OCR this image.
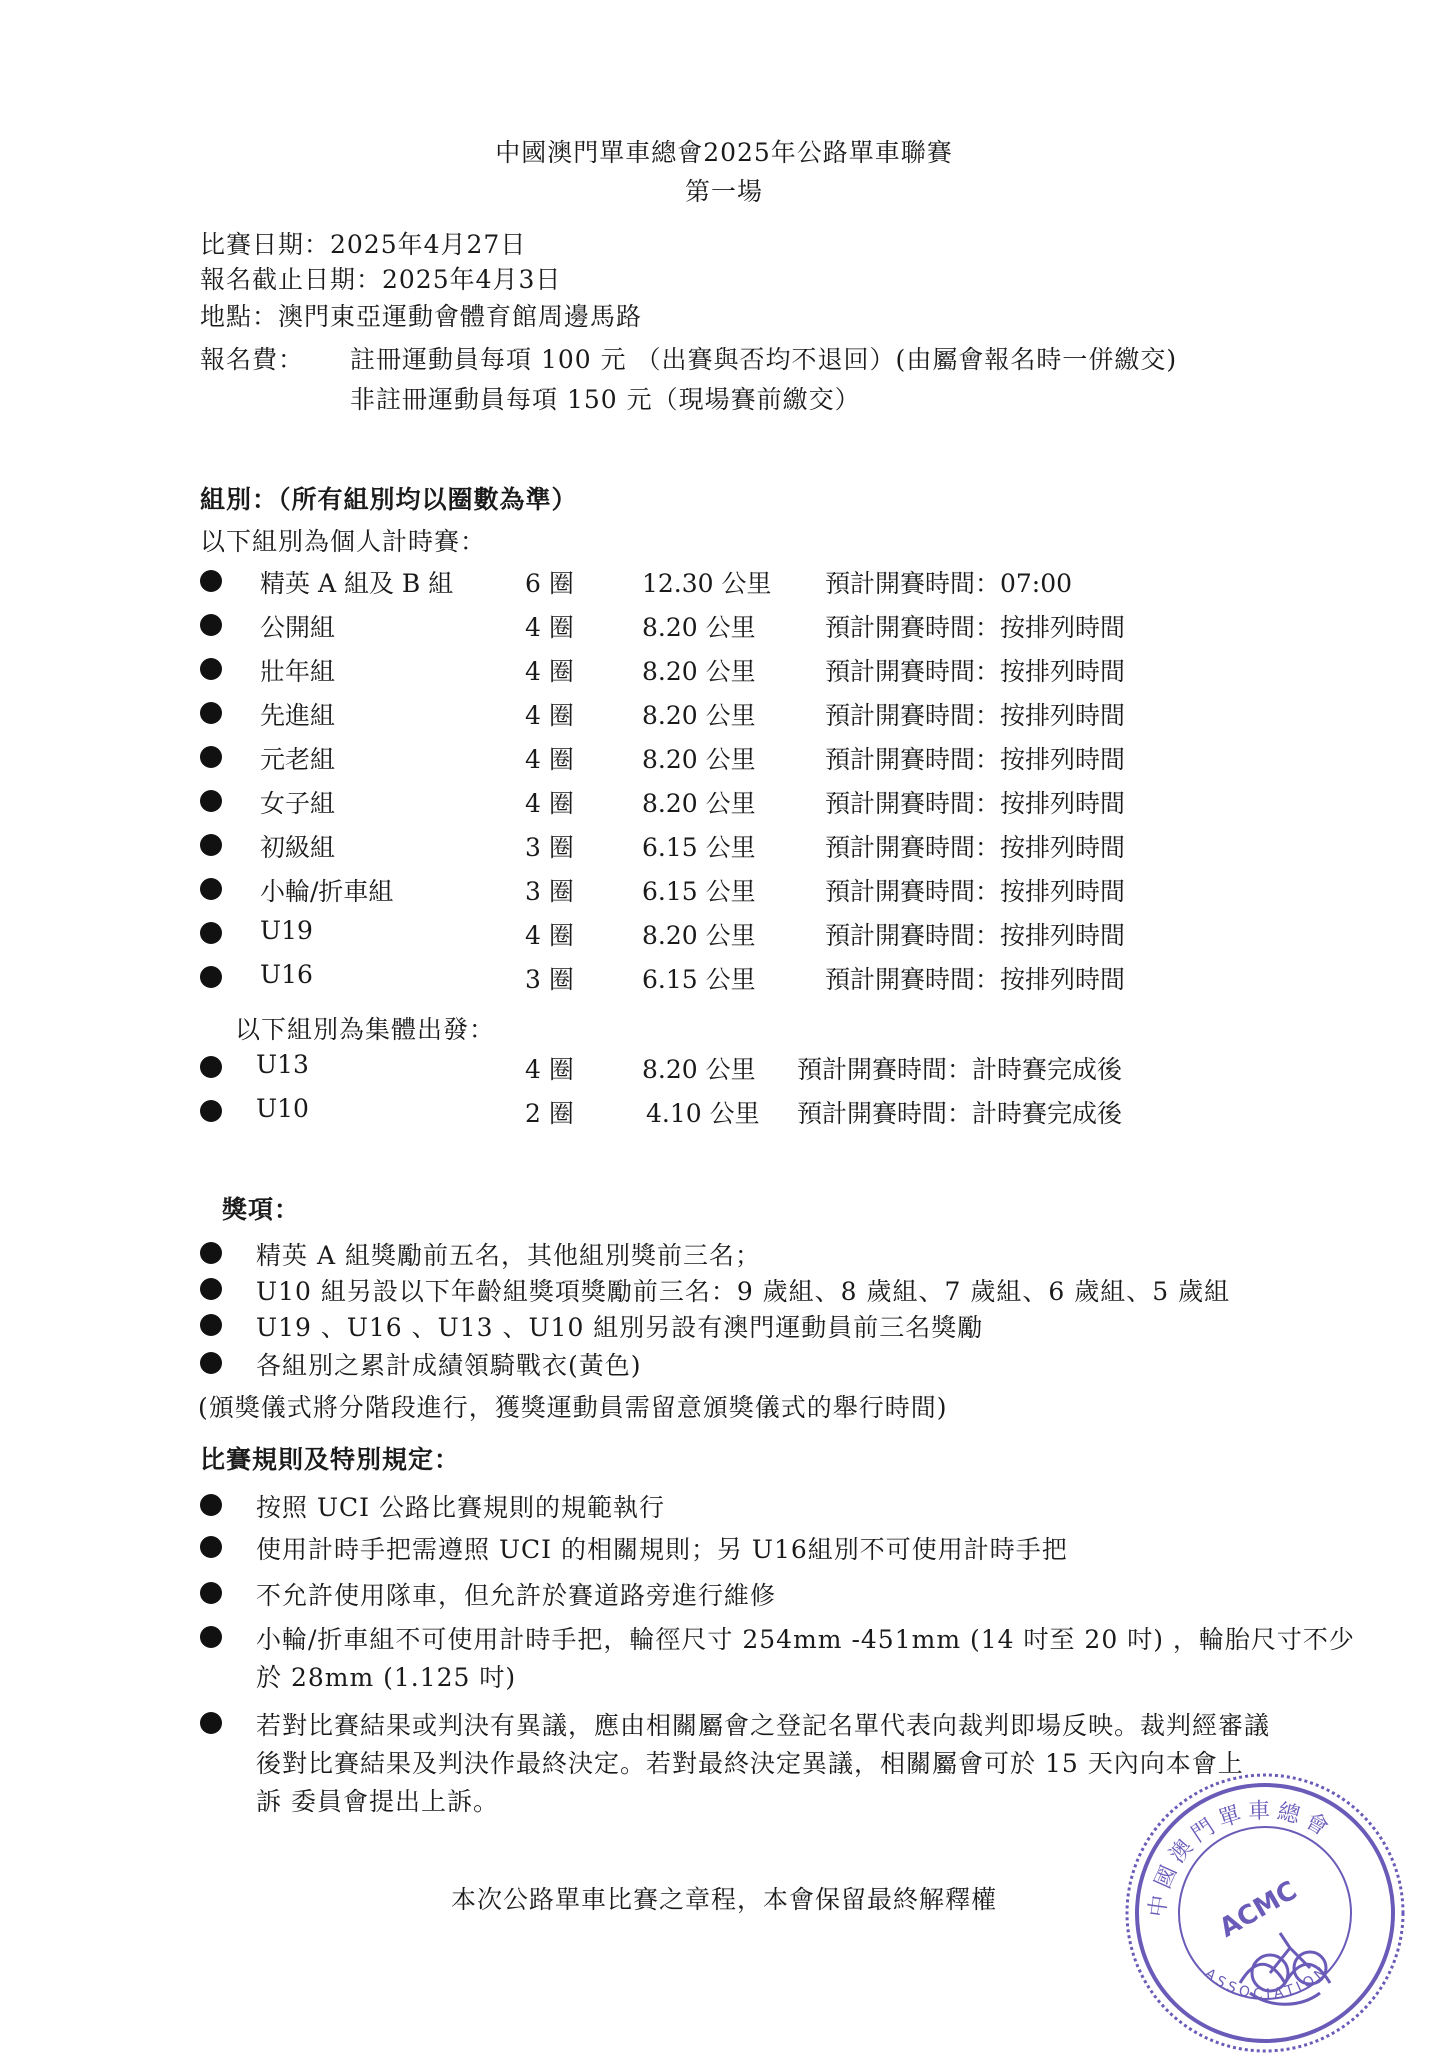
中國澳門單車總會2025年公路單車聯賽
第一場
比賽日期：2025年4月27日
報名截止日期：2025年4月3日
地點：澳門東亞運動會體育館周邊馬路
報名費： 註冊運動員每項 100 元 （出賽與否均不退回）(由屬會報名時一併繳交)
非註冊運動員每項 150 元（現場賽前繳交）
組別：（所有組別均以圈數為準）
以下組別為個人計時賽：
精英 A 組及 B 組	6 圈	12.30 公里 預計開賽時間：07:00
公開組	4 圈	8.20 公里	預計開賽時間：按排列時間
壯年組	4 圈	8.20 公里	預計開賽時間：按排列時間
先進組	4 圈	8.20 公里	預計開賽時間：按排列時間
元老組	4 圈	8.20 公里	預計開賽時間：按排列時間
女子組	4 圈	8.20 公里	預計開賽時間：按排列時間
初級組	3 圈	6.15 公里	預計開賽時間：按排列時間
小輪/折車組	3 圈	6.15 公里	預計開賽時間：按排列時間
U19	4 圈	8.20 公里	預計開賽時間：按排列時間
U16	3 圈	6.15 公里	預計開賽時間：按排列時間
以下組別為集體出發：
U13	4 圈	8.20 公里 預計開賽時間：計時賽完成後
U10	2 圈	4.10 公里 預計開賽時間：計時賽完成後
獎項：
精英 A 組獎勵前五名，其他組別獎前三名；
U10 組另設以下年齡組獎項獎勵前三名：9 歲組、8 歲組、7 歲組、6 歲組、5 歲組
U19 、U16 、U13 、U10 組別另設有澳門運動員前三名獎勵
各組別之累計成績領騎戰衣(黃色)
(頒獎儀式將分階段進行，獲獎運動員需留意頒獎儀式的舉行時間)
比賽規則及特別規定：
按照 UCI 公路比賽規則的規範執行
使用計時手把需遵照 UCI 的相關規則；另 U16組別不可使用計時手把
不允許使用隊車，但允許於賽道路旁進行維修
小輪/折車組不可使用計時手把，輪徑尺寸 254mm -451mm (14 吋至 20 吋) ，輪胎尺寸不少
於 28mm (1.125 吋)
若對比賽結果或判決有異議，應由相關屬會之登記名單代表向裁判即場反映。裁判經審議
後對比賽結果及判決作最終決定。若對最終決定異議，相關屬會可於 15 天內向本會上
訴 委員會提出上訴。
本次公路單車比賽之章程，本會保留最終解釋權	中國澳門單車總會
ASSOCIATION
ACMC
